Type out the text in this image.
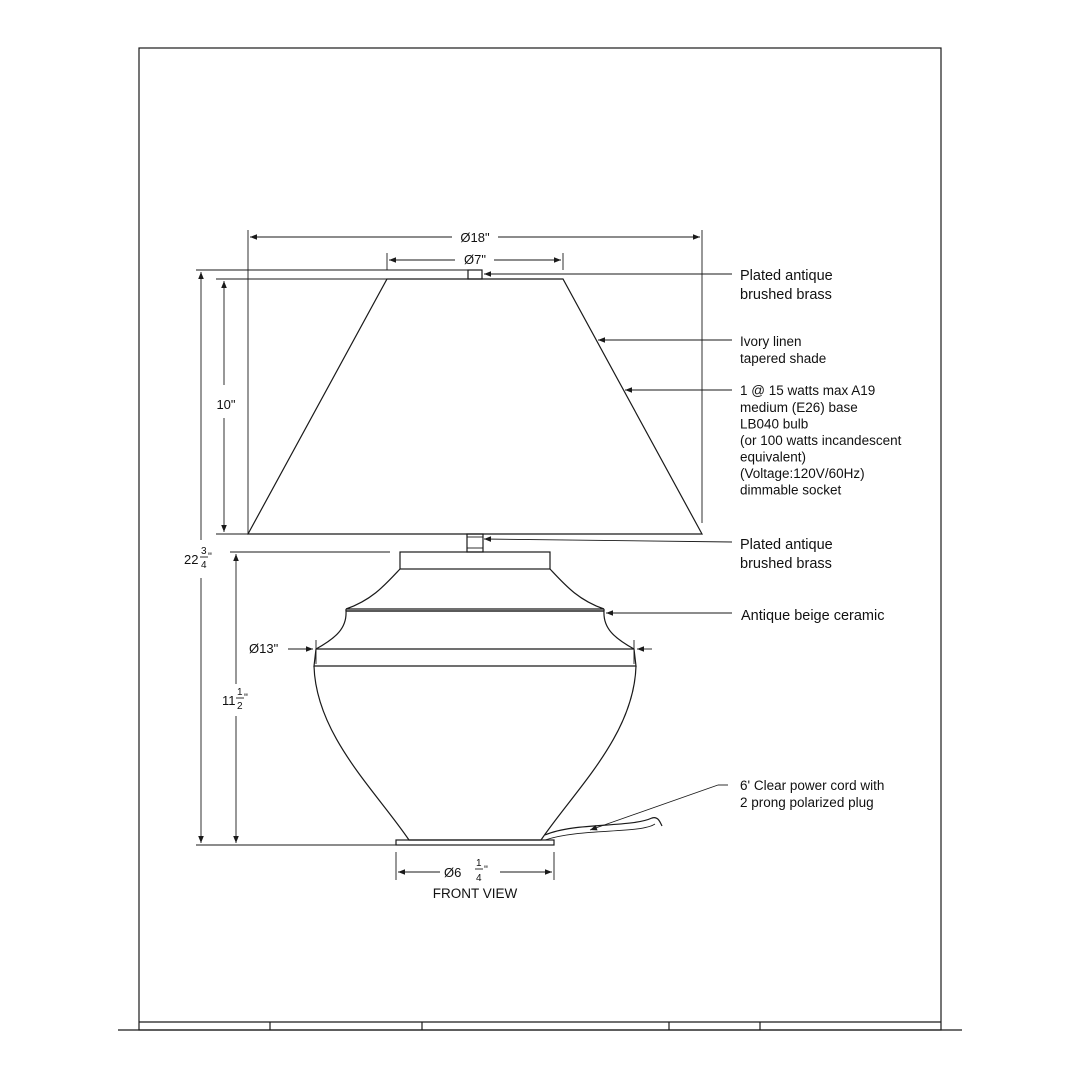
Ø18"
Ø7"
10"
22
3
4
"
11
1
2
"
Ø13"
Ø6
1
4
"
FRONT VIEW
Plated antique brushed brass
Ivory linen tapered shade
1 @ 15 watts max A19 medium (E26) base LB040 bulb (or 100 watts incandescent equivalent) (Voltage:120V/60Hz) dimmable socket
Plated antique brushed brass
Antique beige ceramic
6' Clear power cord with 2 prong polarized plug
